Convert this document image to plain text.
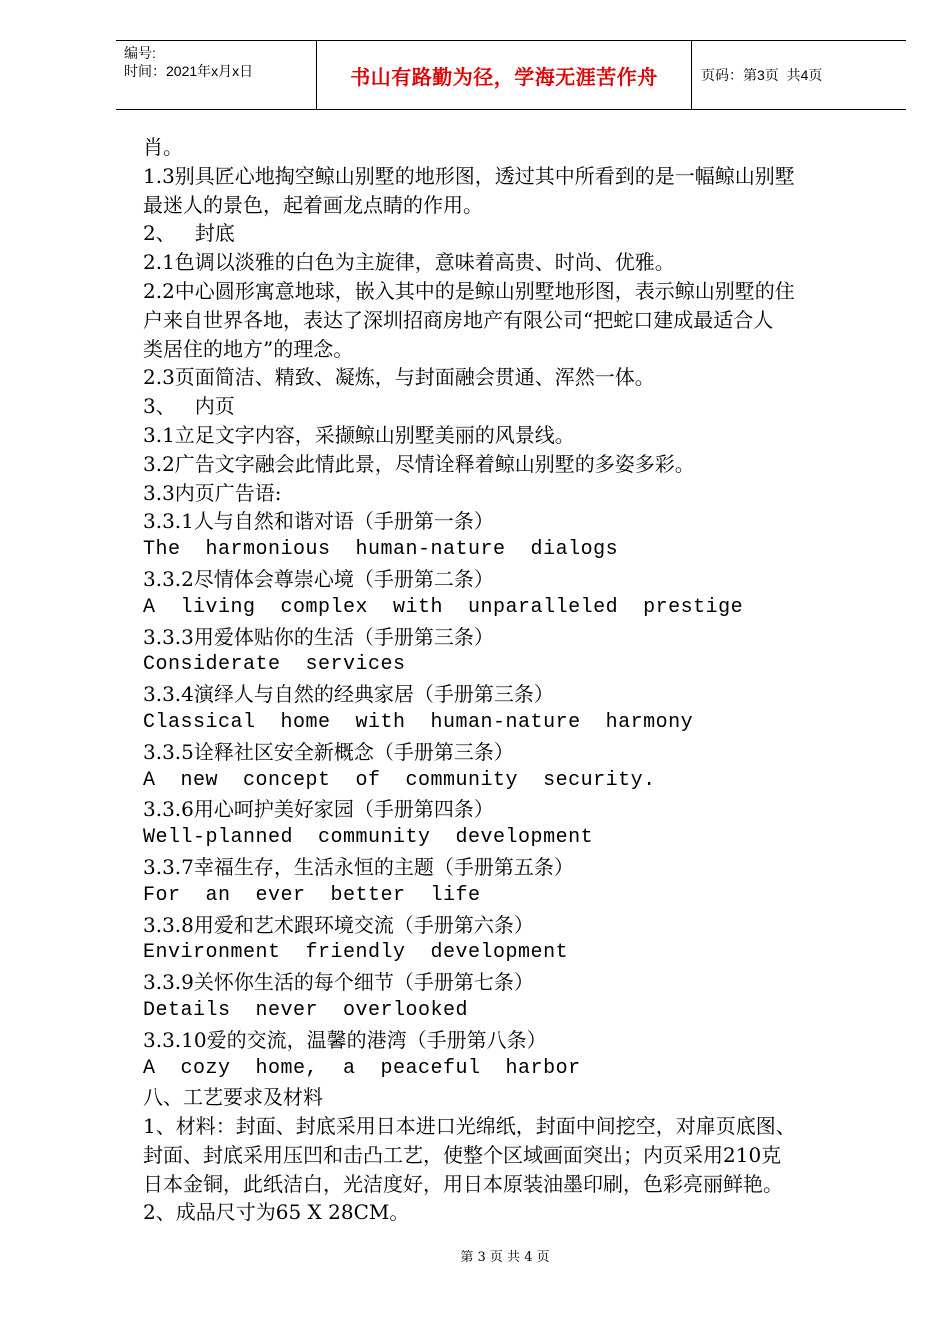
编号:
时间：2021年x月x日	书山有路勤为径，学海无涯苦作舟	页码：第3页  共4页
肖。
1.3别具匠心地掏空鲸山别墅的地形图，透过其中所看到的是一幅鲸山别墅
最迷人的景色，起着画龙点睛的作用。
2、   封底
2.1色调以淡雅的白色为主旋律，意味着高贵、时尚、优雅。
2.2中心圆形寓意地球，嵌入其中的是鲸山别墅地形图，表示鲸山别墅的住
户来自世界各地，表达了深圳招商房地产有限公司“把蛇口建成最适合人
类居住的地方”的理念。
2.3页面简洁、精致、凝炼，与封面融会贯通、浑然一体。
3、   内页
3.1立足文字内容，采撷鲸山别墅美丽的风景线。
3.2广告文字融会此情此景，尽情诠释着鲸山别墅的多姿多彩。
3.3内页广告语:
3.3.1人与自然和谐对语（手册第一条）
The  harmonious  human-nature  dialogs
3.3.2尽情体会尊崇心境（手册第二条）
A  living  complex  with  unparalleled  prestige
3.3.3用爱体贴你的生活（手册第三条）
Considerate  services
3.3.4演绎人与自然的经典家居（手册第三条）
Classical  home  with  human-nature  harmony
3.3.5诠释社区安全新概念（手册第三条）
A  new  concept  of  community  security.
3.3.6用心呵护美好家园（手册第四条）
Well-planned  community  development
3.3.7幸福生存，生活永恒的主题（手册第五条）
For  an  ever  better  life
3.3.8用爱和艺术跟环境交流（手册第六条）
Environment  friendly  development
3.3.9关怀你生活的每个细节（手册第七条）
Details  never  overlooked
3.3.10爱的交流，温馨的港湾（手册第八条）
A  cozy  home,  a  peaceful  harbor
八、工艺要求及材料
1、材料：封面、封底采用日本进口光绵纸，封面中间挖空，对扉页底图、
封面、封底采用压凹和击凸工艺，使整个区域画面突出；内页采用210克
日本金铜，此纸洁白，光洁度好，用日本原装油墨印刷，色彩亮丽鲜艳。
2、成品尺寸为65 X 28CM。
第 3 页 共 4 页
